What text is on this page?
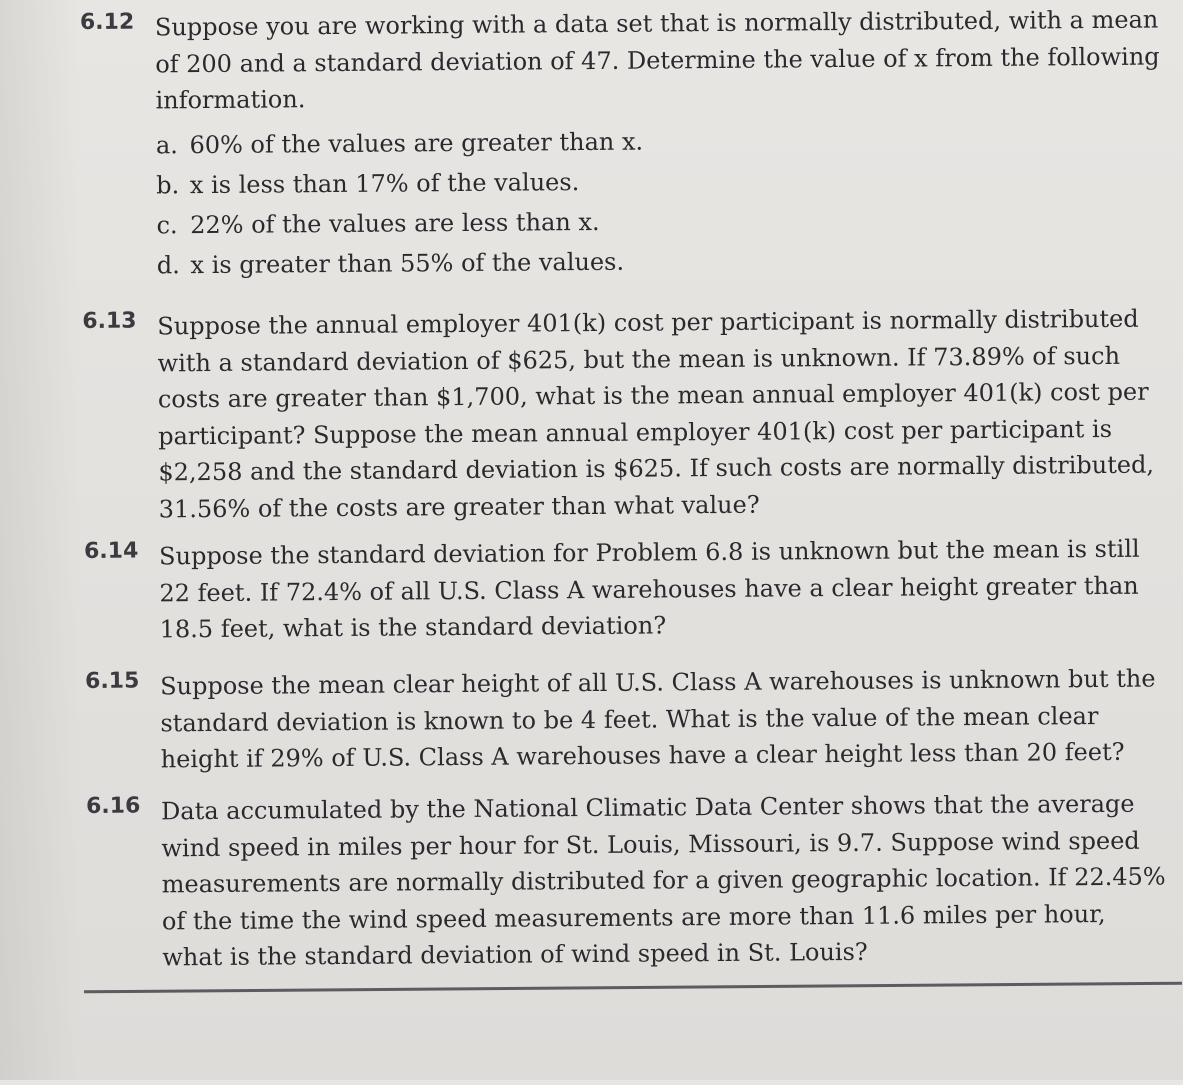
6.12 Suppose you are working with a data set that is normally distributed, with a mean of 200 and a standard deviation of 47. Determine the value of x from the following information.
a. 60% of the values are greater than x.
b. x is less than 17% of the values.
c. 22% of the values are less than x.
d. x is greater than 55% of the values.
6.13 Suppose the annual employer 401(k) cost per participant is normally distributed with a standard deviation of $625, but the mean is unknown. If 73.89% of such costs are greater than $1,700, what is the mean annual employer 401(k) cost per participant? Suppose the mean annual employer 401(k) cost per participant is $2,258 and the standard deviation is $625. If such costs are normally distributed, 31.56% of the costs are greater than what value?
6.14 Suppose the standard deviation for Problem 6.8 is unknown but the mean is still 22 feet. If 72.4% of all U.S. Class A warehouses have a clear height greater than 18.5 feet, what is the standard deviation?
6.15 Suppose the mean clear height of all U.S. Class A warehouses is unknown but the standard deviation is known to be 4 feet. What is the value of the mean clear height if 29% of U.S. Class A warehouses have a clear height less than 20 feet?
6.16 Data accumulated by the National Climatic Data Center shows that the average wind speed in miles per hour for St. Louis, Missouri, is 9.7. Suppose wind speed measurements are normally distributed for a given geographic location. If 22.45% of the time the wind speed measurements are more than 11.6 miles per hour, what is the standard deviation of wind speed in St. Louis?
